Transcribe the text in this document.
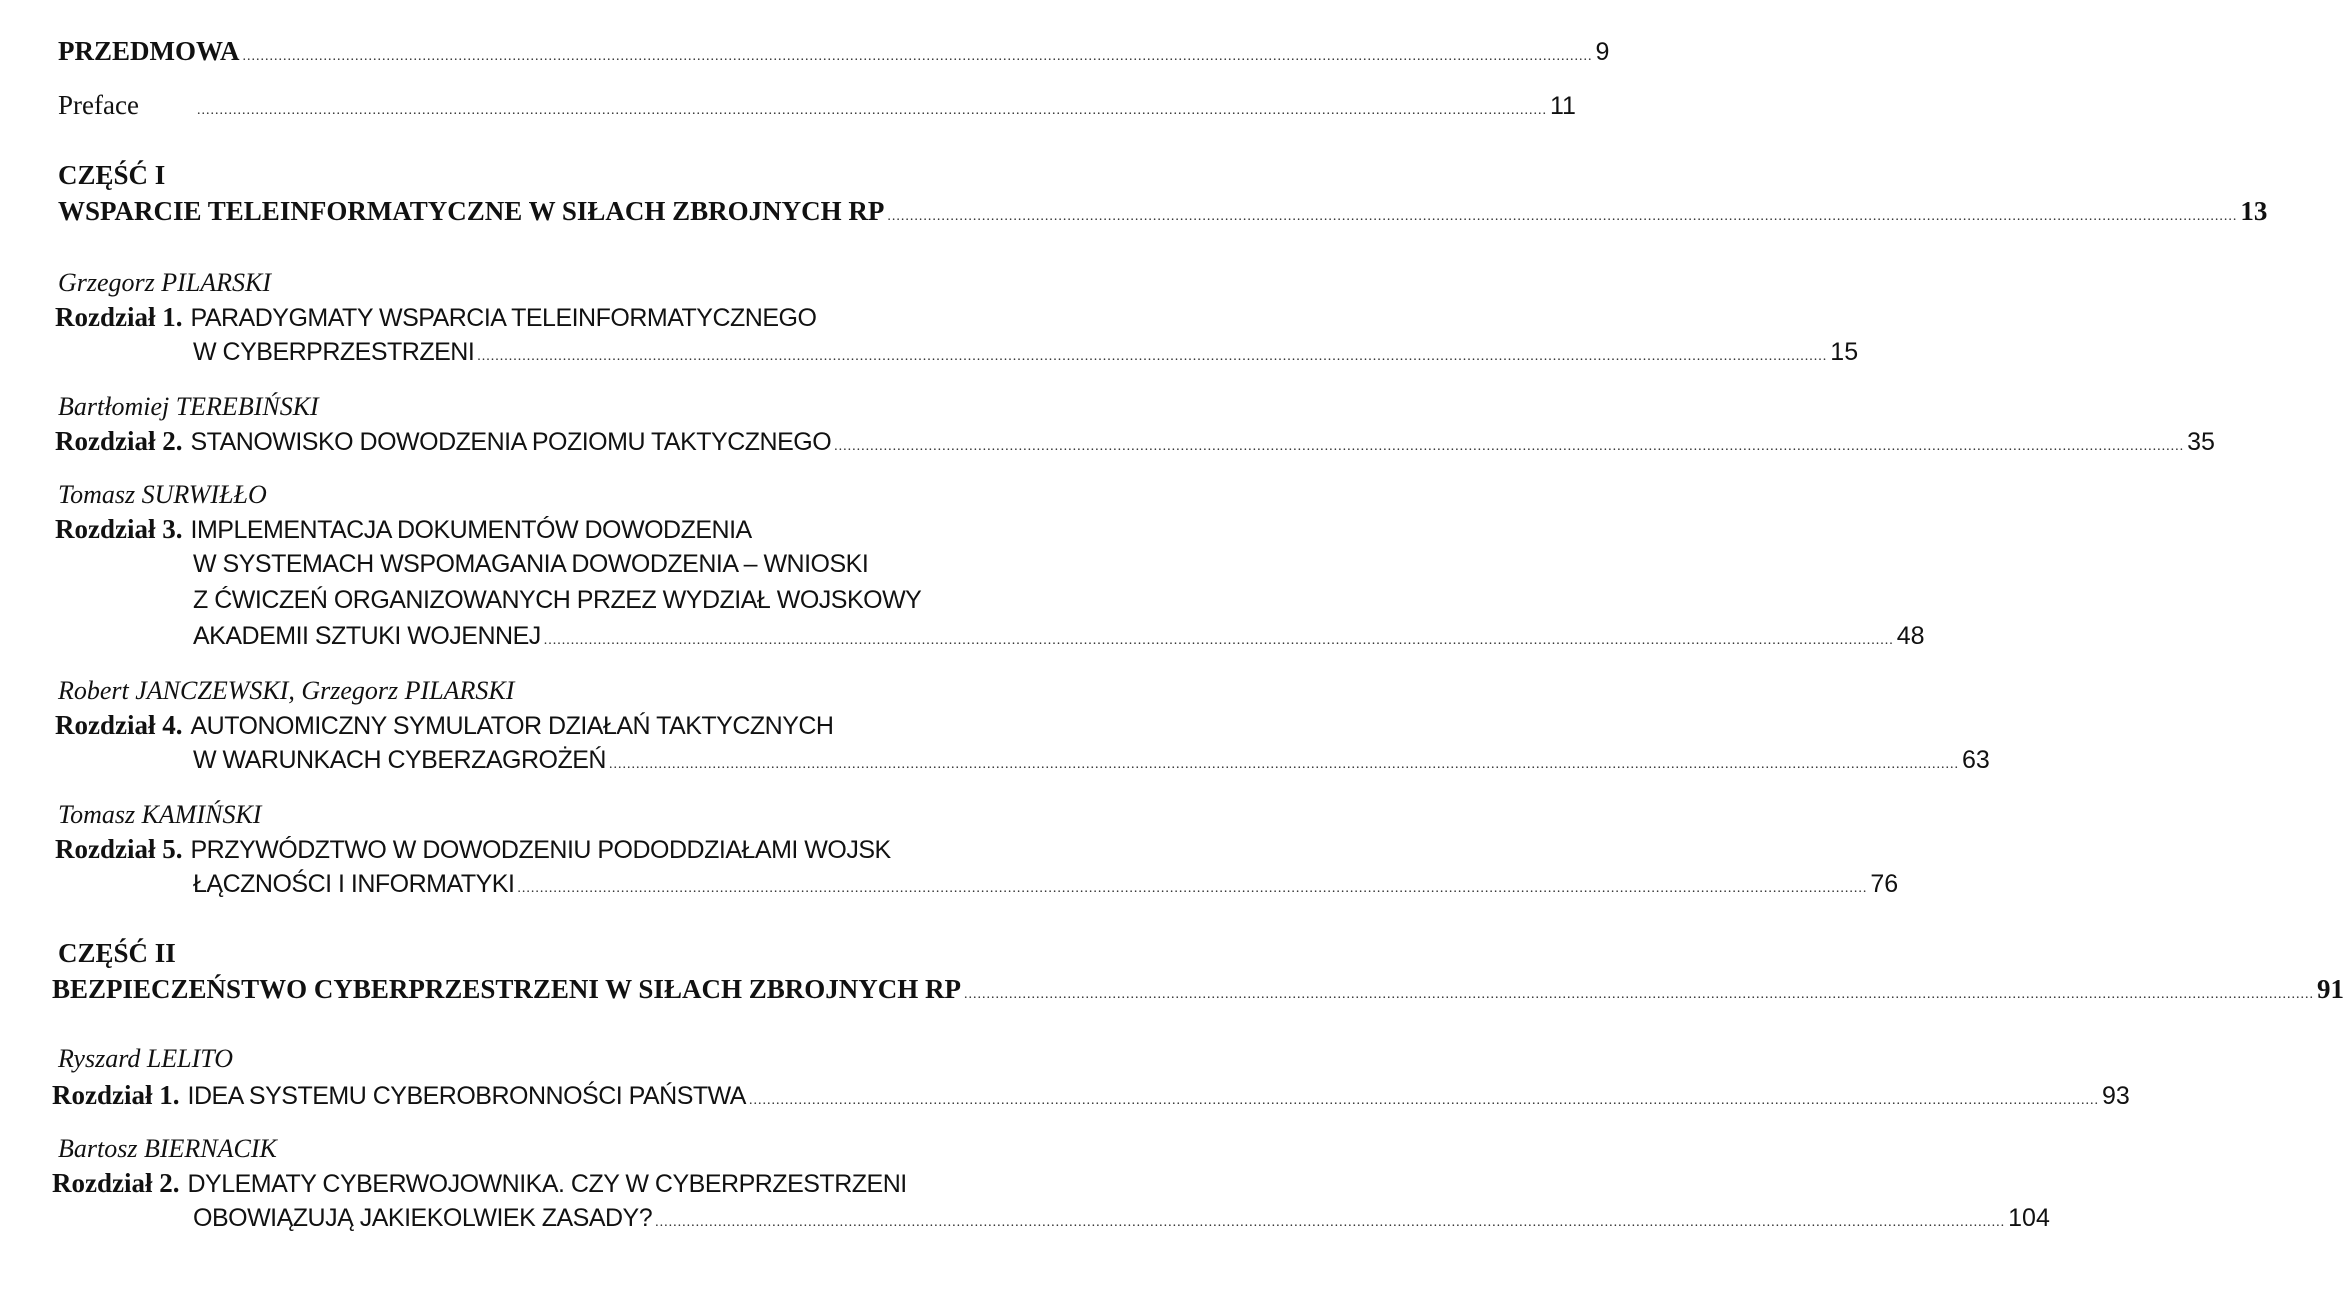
PRZEDMOWA ............................................................................................................................................................................................................................................................................................................ 9
Preface	............................................................................................................................................................................................................................................................................................................ 11
CZĘŚĆ I
WSPARCIE TELEINFORMATYCZNE W SIŁACH ZBROJNYCH RP ............................................................................................................................................................................................................................................................................................................ 13
Grzegorz PILARSKI
Rozdział 1. PARADYGMATY WSPARCIA TELEINFORMATYCZNEGO
W CYBERPRZESTRZENI ............................................................................................................................................................................................................................................................................................................ 15
Bartłomiej TEREBIŃSKI
Rozdział 2. STANOWISKO DOWODZENIA POZIOMU TAKTYCZNEGO ............................................................................................................................................................................................................................................................................................................ 35
Tomasz SURWIŁŁO
Rozdział 3. IMPLEMENTACJA DOKUMENTÓW DOWODZENIA
W SYSTEMACH WSPOMAGANIA DOWODZENIA – WNIOSKI
Z ĆWICZEŃ ORGANIZOWANYCH PRZEZ WYDZIAŁ WOJSKOWY
AKADEMII SZTUKI WOJENNEJ ............................................................................................................................................................................................................................................................................................................ 48
Robert JANCZEWSKI, Grzegorz PILARSKI
Rozdział 4. AUTONOMICZNY SYMULATOR DZIAŁAŃ TAKTYCZNYCH
W WARUNKACH CYBERZAGROŻEŃ ............................................................................................................................................................................................................................................................................................................ 63
Tomasz KAMIŃSKI
Rozdział 5. PRZYWÓDZTWO W DOWODZENIU PODODDZIAŁAMI WOJSK
ŁĄCZNOŚCI I INFORMATYKI ............................................................................................................................................................................................................................................................................................................ 76
CZĘŚĆ II
BEZPIECZEŃSTWO CYBERPRZESTRZENI W SIŁACH ZBROJNYCH RP ............................................................................................................................................................................................................................................................................................................ 91
Ryszard LELITO
Rozdział 1. IDEA SYSTEMU CYBEROBRONNOŚCI PAŃSTWA ............................................................................................................................................................................................................................................................................................................ 93
Bartosz BIERNACIK
Rozdział 2. DYLEMATY CYBERWOJOWNIKA. CZY W CYBERPRZESTRZENI
OBOWIĄZUJĄ JAKIEKOLWIEK ZASADY? ............................................................................................................................................................................................................................................................................................................ 104
